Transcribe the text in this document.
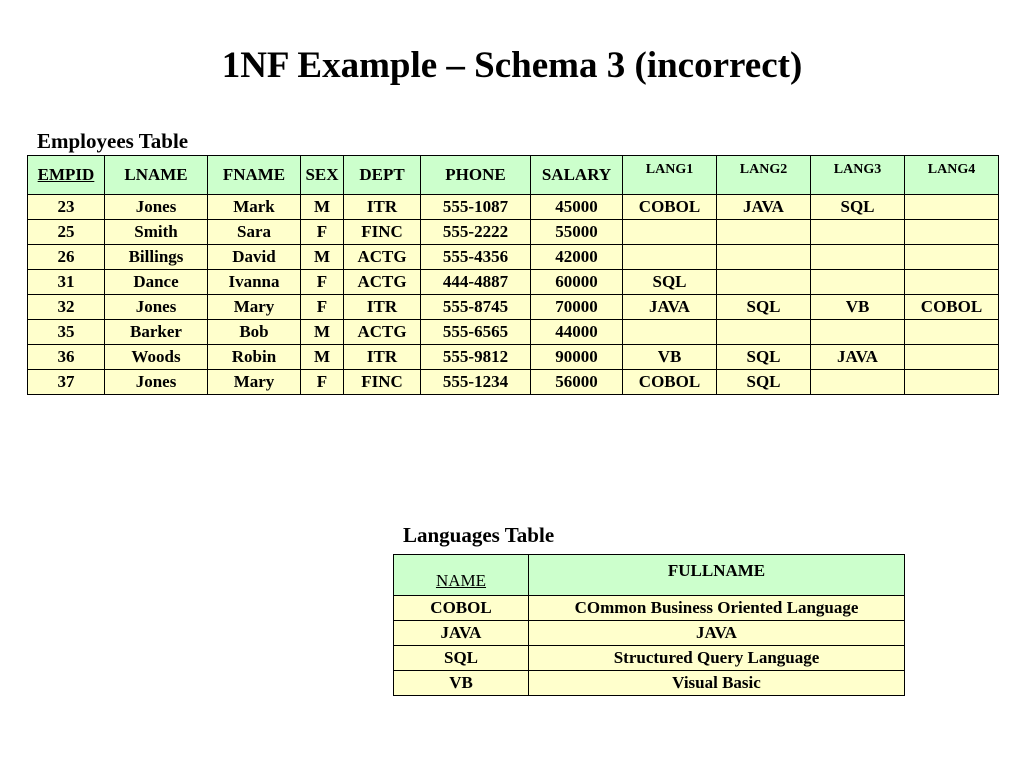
1NF Example – Schema 3 (incorrect)
Employees Table
EMPID	LNAME	FNAME	SEX	DEPT	PHONE	SALARY	LANG1	LANG2	LANG3	LANG4
23	Jones	Mark	M	ITR	555-1087	45000	COBOL	JAVA	SQL	
25	Smith	Sara	F	FINC	555-2222	55000				
26	Billings	David	M	ACTG	555-4356	42000				
31	Dance	Ivanna	F	ACTG	444-4887	60000	SQL			
32	Jones	Mary	F	ITR	555-8745	70000	JAVA	SQL	VB	COBOL
35	Barker	Bob	M	ACTG	555-6565	44000				
36	Woods	Robin	M	ITR	555-9812	90000	VB	SQL	JAVA	
37	Jones	Mary	F	FINC	555-1234	56000	COBOL	SQL		
Languages Table
NAME	FULLNAME
COBOL	COmmon Business Oriented Language
JAVA	JAVA
SQL	Structured Query Language
VB	Visual Basic
